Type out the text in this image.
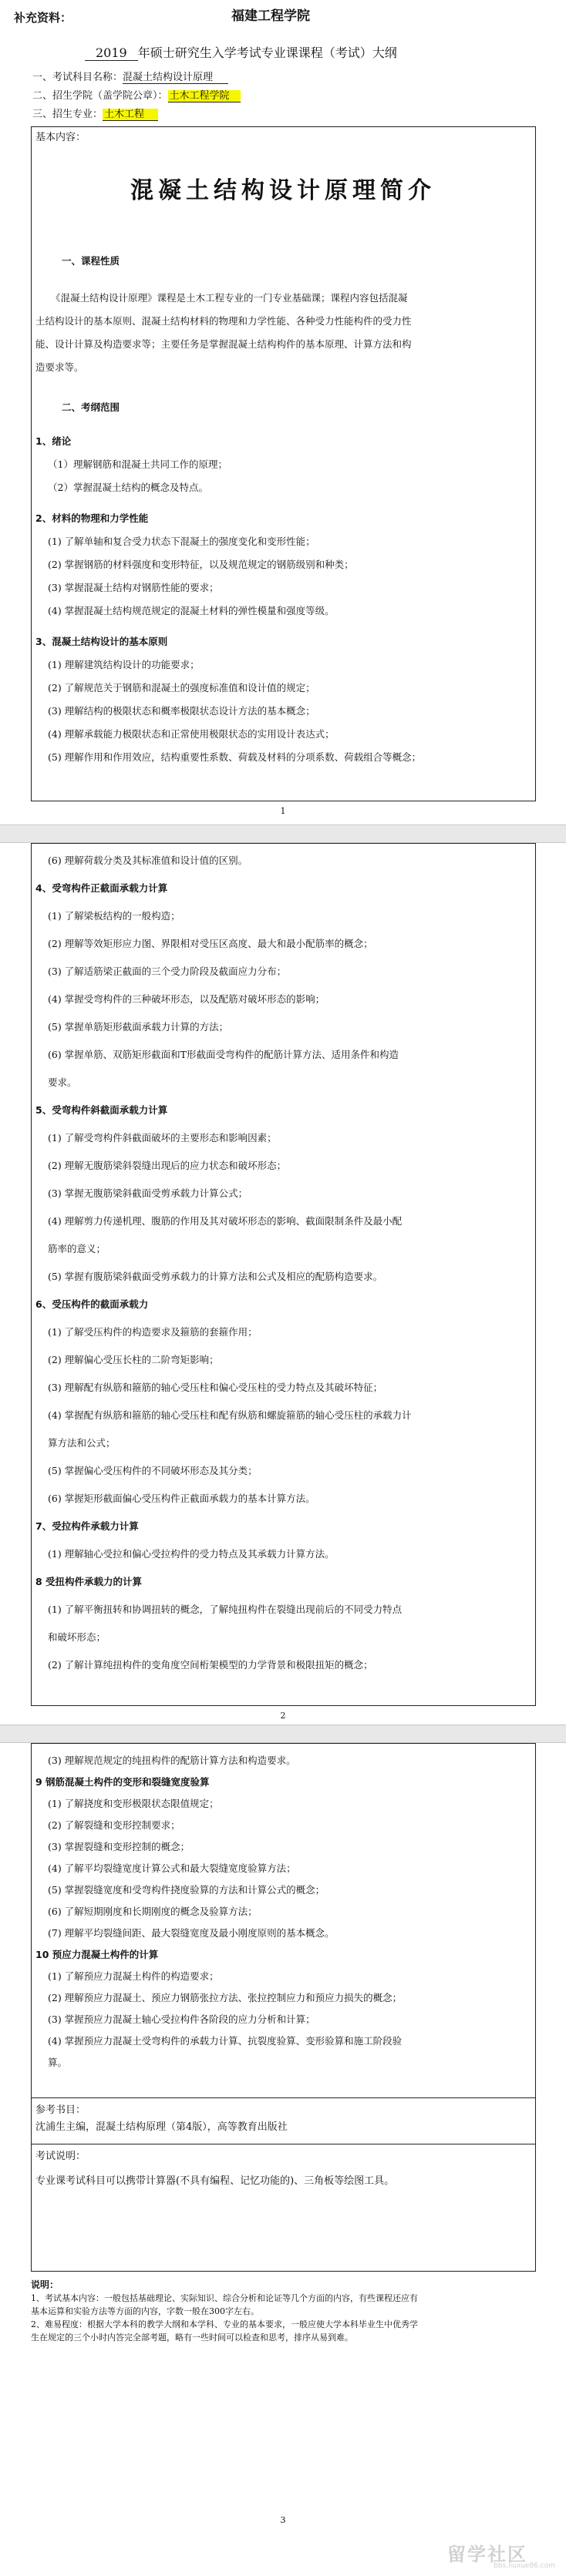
补充资料：	福建工程学院
2019 年硕士研究生入学考试专业课课程（考试）大纲
一、考试科目名称：混凝土结构设计原理
二、招生学院（盖学院公章）： 土木工程学院
三、招生专业： 土木工程
基本内容：
混凝土结构设计原理简介
一、课程性质
《混凝土结构设计原理》课程是土木工程专业的一门专业基础课；课程内容包括混凝
土结构设计的基本原则、混凝土结构材料的物理和力学性能、各种受力性能构件的受力性
能、设计计算及构造要求等；主要任务是掌握混凝土结构构件的基本原理、计算方法和构
造要求等。
二、考纲范围
1、绪论
（1）理解钢筋和混凝土共同工作的原理；
（2）掌握混凝土结构的概念及特点。
2、材料的物理和力学性能
(1) 了解单轴和复合受力状态下混凝土的强度变化和变形性能；
(2) 掌握钢筋的材料强度和变形特征，以及规范规定的钢筋级别和种类；
(3) 掌握混凝土结构对钢筋性能的要求；
(4) 掌握混凝土结构规范规定的混凝土材料的弹性模量和强度等级。
3、混凝土结构设计的基本原则
(1) 理解建筑结构设计的功能要求；
(2) 了解规范关于钢筋和混凝土的强度标准值和设计值的规定；
(3) 理解结构的极限状态和概率极限状态设计方法的基本概念；
(4) 理解承载能力极限状态和正常使用极限状态的实用设计表达式；
(5) 理解作用和作用效应，结构重要性系数、荷载及材料的分项系数、荷载组合等概念；
1
(6) 理解荷载分类及其标准值和设计值的区别。
4、受弯构件正截面承载力计算
(1) 了解梁板结构的一般构造；
(2) 理解等效矩形应力图、界限相对受压区高度、最大和最小配筋率的概念；
(3) 了解适筋梁正截面的三个受力阶段及截面应力分布；
(4) 掌握受弯构件的三种破坏形态，以及配筋对破坏形态的影响；
(5) 掌握单筋矩形截面承载力计算的方法；
(6) 掌握单筋、双筋矩形截面和T形截面受弯构件的配筋计算方法、适用条件和构造
要求。
5、受弯构件斜截面承载力计算
(1) 了解受弯构件斜截面破坏的主要形态和影响因素；
(2) 理解无腹筋梁斜裂缝出现后的应力状态和破坏形态；
(3) 掌握无腹筋梁斜截面受剪承载力计算公式；
(4) 理解剪力传递机理、腹筋的作用及其对破坏形态的影响、截面限制条件及最小配
筋率的意义；
(5) 掌握有腹筋梁斜截面受剪承载力的计算方法和公式及相应的配筋构造要求。
6、受压构件的截面承载力
(1) 了解受压构件的构造要求及箍筋的套箍作用；
(2) 理解偏心受压长柱的二阶弯矩影响；
(3) 理解配有纵筋和箍筋的轴心受压柱和偏心受压柱的受力特点及其破坏特征；
(4) 掌握配有纵筋和箍筋的轴心受压柱和配有纵筋和螺旋箍筋的轴心受压柱的承载力计
算方法和公式；
(5) 掌握偏心受压构件的不同破坏形态及其分类；
(6) 掌握矩形截面偏心受压构件正截面承载力的基本计算方法。
7、受拉构件承载力计算
(1) 理解轴心受拉和偏心受拉构件的受力特点及其承载力计算方法。
8 受扭构件承载力的计算
(1) 了解平衡扭转和协调扭转的概念，了解纯扭构件在裂缝出现前后的不同受力特点
和破坏形态；
(2) 了解计算纯扭构件的变角度空间桁架模型的力学背景和极限扭矩的概念；
2
(3) 理解规范规定的纯扭构件的配筋计算方法和构造要求。
9 钢筋混凝土构件的变形和裂缝宽度验算
(1) 了解挠度和变形极限状态限值规定；
(2) 了解裂缝和变形控制要求；
(3) 掌握裂缝和变形控制的概念；
(4) 了解平均裂缝宽度计算公式和最大裂缝宽度验算方法；
(5) 掌握裂缝宽度和受弯构件挠度验算的方法和计算公式的概念；
(6) 了解短期刚度和长期刚度的概念及验算方法；
(7) 理解平均裂缝间距、最大裂缝宽度及最小刚度原则的基本概念。
10 预应力混凝土构件的计算
(1) 了解预应力混凝土构件的构造要求；
(2) 理解预应力混凝土、预应力钢筋张拉方法、张拉控制应力和预应力损失的概念；
(3) 掌握预应力混凝土轴心受拉构件各阶段的应力分析和计算；
(4) 掌握预应力混凝土受弯构件的承载力计算、抗裂度验算、变形验算和施工阶段验
算。
参考书目：
沈浦生主编，混凝土结构原理（第4版），高等教育出版社
考试说明：
专业课考试科目可以携带计算器(不具有编程、记忆功能的)、三角板等绘图工具。
说明：
1、考试基本内容：一般包括基础理论、实际知识、综合分析和论证等几个方面的内容，有些课程还应有
基本运算和实验方法等方面的内容，字数一般在300字左右。
2、难易程度：根据大学本科的教学大纲和本学科、专业的基本要求，一般应使大学本科毕业生中优秀学
生在规定的三个小时内答完全部考题，略有一些时间可以检查和思考，排序从易到难。
3
留学社区
bbs.liuxue86.com
